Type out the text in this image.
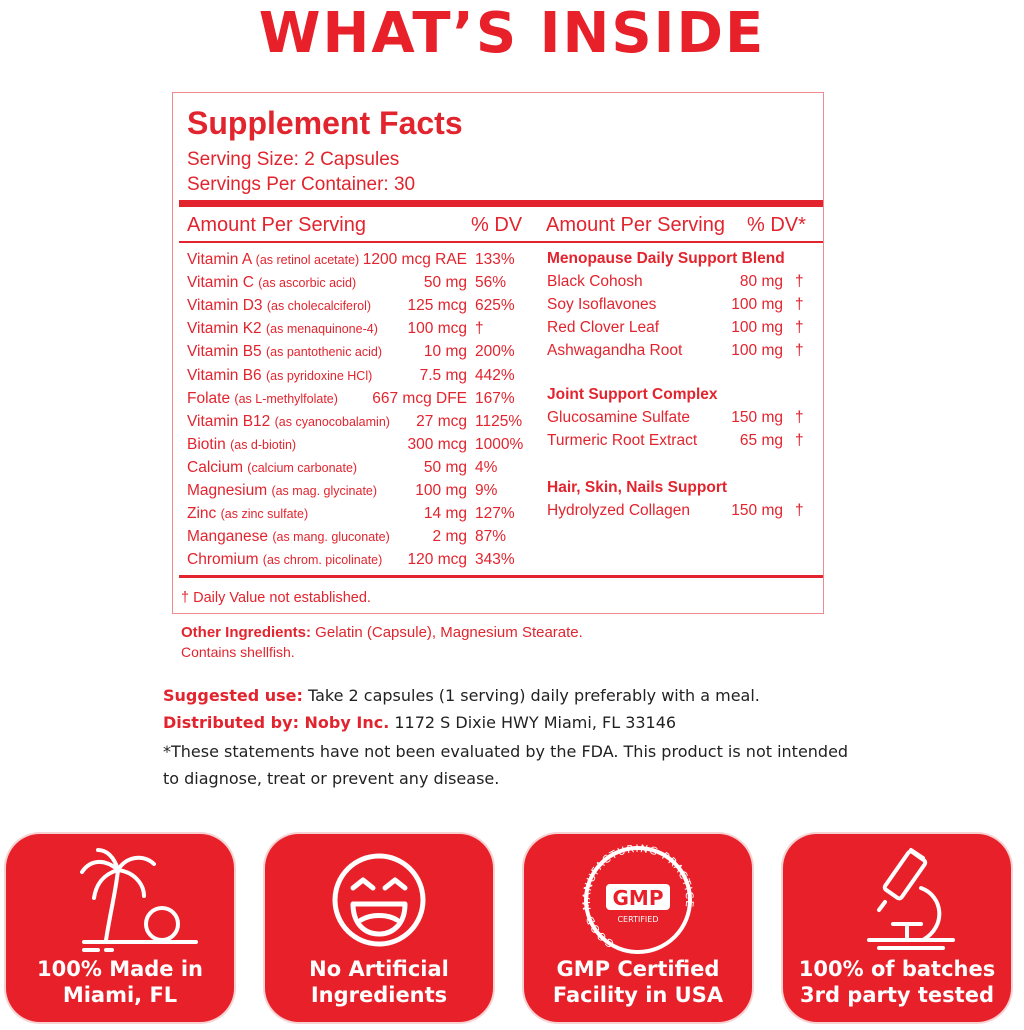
WHAT’S INSIDE
Supplement Facts
Serving Size: 2 Capsules
Servings Per Container: 30
Amount Per Serving	% DV Amount Per Serving % DV*
Vitamin A (as retinol acetate) 1200 mcg RAE 133%
Vitamin C (as ascorbic acid)	50 mg 56%
Vitamin D3 (as cholecalciferol) 125 mcg 625%
Vitamin K2 (as menaquinone-4) 100 mcg †
Vitamin B5 (as pantothenic acid)	10 mg 200%
Vitamin B6 (as pyridoxine HCl)	7.5 mg 442%
Folate (as L-methylfolate) 667 mcg DFE 167%
Vitamin B12 (as cyanocobalamin) 27 mcg 1125%
Biotin (as d-biotin)	300 mcg 1000%
Calcium (calcium carbonate)	50 mg 4%
Magnesium (as mag. glycinate) 100 mg 9%
Zinc (as zinc sulfate)	14 mg 127%
Manganese (as mang. gluconate)	2 mg 87%
Chromium (as chrom. picolinate) 120 mcg 343%
Menopause Daily Support Blend
Black Cohosh	80 mg †
Soy Isoflavones	100 mg †
Red Clover Leaf	100 mg †
Ashwagandha Root	100 mg †
Joint Support Complex
Glucosamine Sulfate	150 mg †
Turmeric Root Extract	65 mg †
Hair, Skin, Nails Support
Hydrolyzed Collagen	150 mg †
† Daily Value not established.
Other Ingredients: Gelatin (Capsule), Magnesium Stearate.
Contains shellfish.
Suggested use: Take 2 capsules (1 serving) daily preferably with a meal.
Distributed by: Noby Inc. 1172 S Dixie HWY Miami, FL 33146
*These statements have not been evaluated by the FDA. This product is not intended
to diagnose, treat or prevent any disease.
100% Made in
Miami, FL
No Artificial
Ingredients
GOOD MANUFACTURING PRACTICE
GMP
CERTIFIED
GMP Certified
Facility in USA
100% of batches
3rd party tested
